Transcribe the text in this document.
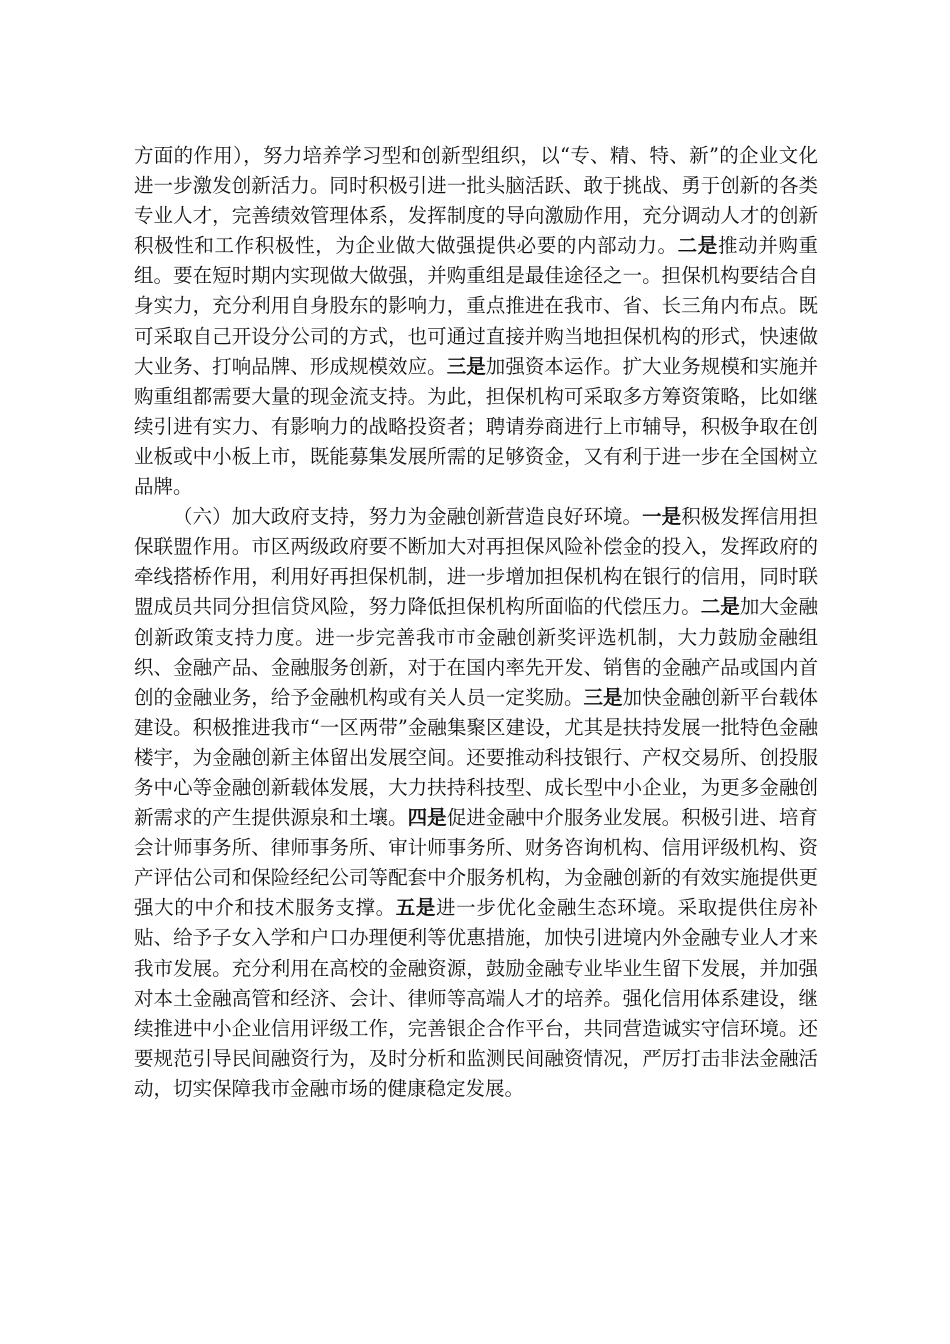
方面的作用），努力培养学习型和创新型组织，以“专、精、特、新”的企业文化进一步激发创新活力。同时积极引进一批头脑活跃、敢于挑战、勇于创新的各类专业人才，完善绩效管理体系，发挥制度的导向激励作用，充分调动人才的创新积极性和工作积极性，为企业做大做强提供必要的内部动力。二是推动并购重组。要在短时期内实现做大做强，并购重组是最佳途径之一。担保机构要结合自身实力，充分利用自身股东的影响力，重点推进在我市、省、长三角内布点。既可采取自己开设分公司的方式，也可通过直接并购当地担保机构的形式，快速做大业务、打响品牌、形成规模效应。三是加强资本运作。扩大业务规模和实施并购重组都需要大量的现金流支持。为此，担保机构可采取多方筹资策略，比如继续引进有实力、有影响力的战略投资者；聘请券商进行上市辅导，积极争取在创业板或中小板上市，既能募集发展所需的足够资金，又有利于进一步在全国树立品牌。

（六）加大政府支持，努力为金融创新营造良好环境。一是积极发挥信用担保联盟作用。市区两级政府要不断加大对再担保风险补偿金的投入，发挥政府的牵线搭桥作用，利用好再担保机制，进一步增加担保机构在银行的信用，同时联盟成员共同分担信贷风险，努力降低担保机构所面临的代偿压力。二是加大金融创新政策支持力度。进一步完善我市市金融创新奖评选机制，大力鼓励金融组织、金融产品、金融服务创新，对于在国内率先开发、销售的金融产品或国内首创的金融业务，给予金融机构或有关人员一定奖励。三是加快金融创新平台载体建设。积极推进我市“一区两带”金融集聚区建设，尤其是扶持发展一批特色金融楼宇，为金融创新主体留出发展空间。还要推动科技银行、产权交易所、创投服务中心等金融创新载体发展，大力扶持科技型、成长型中小企业，为更多金融创新需求的产生提供源泉和土壤。四是促进金融中介服务业发展。积极引进、培育会计师事务所、律师事务所、审计师事务所、财务咨询机构、信用评级机构、资产评估公司和保险经纪公司等配套中介服务机构，为金融创新的有效实施提供更强大的中介和技术服务支撑。五是进一步优化金融生态环境。采取提供住房补贴、给予子女入学和户口办理便利等优惠措施，加快引进境内外金融专业人才来我市发展。充分利用在高校的金融资源，鼓励金融专业毕业生留下发展，并加强对本土金融高管和经济、会计、律师等高端人才的培养。强化信用体系建设，继续推进中小企业信用评级工作，完善银企合作平台，共同营造诚实守信环境。还要规范引导民间融资行为，及时分析和监测民间融资情况，严厉打击非法金融活动，切实保障我市金融市场的健康稳定发展。
